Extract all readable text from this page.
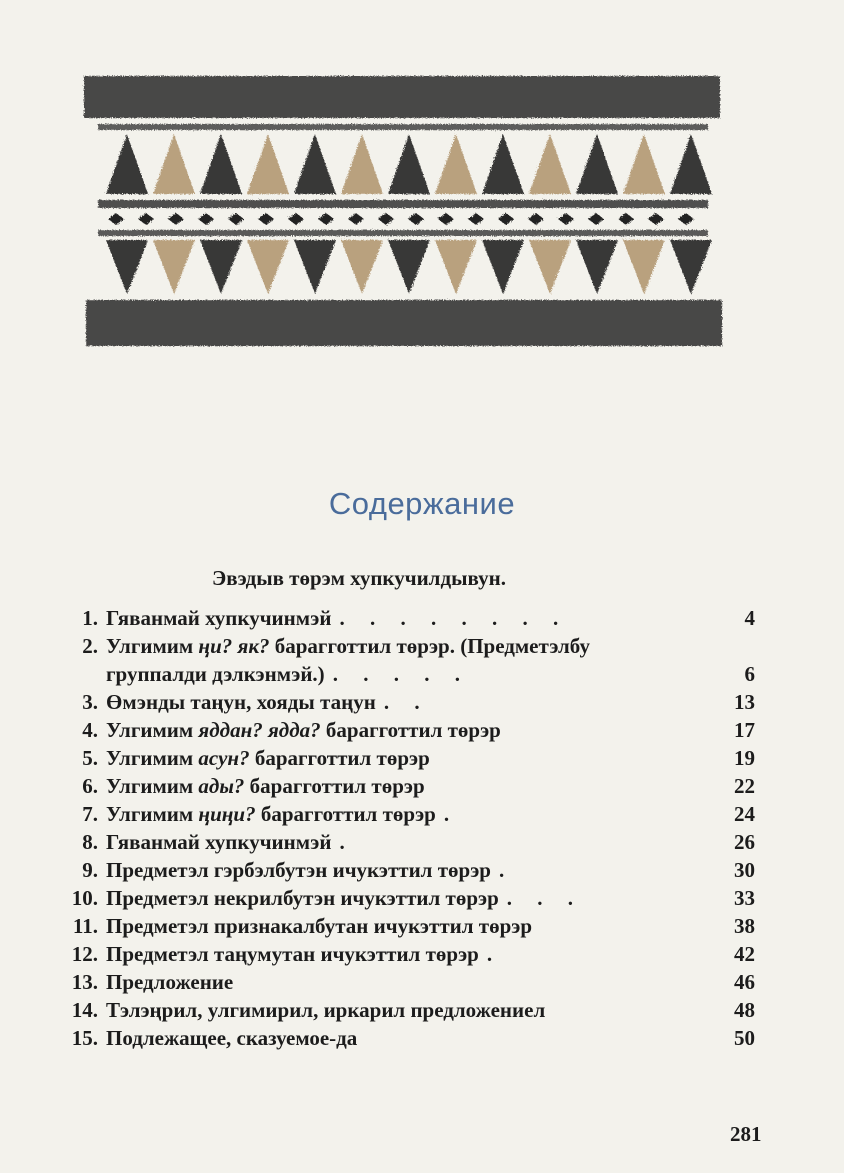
Содержание
Эвэдыв төрэм хупкучилдывун.
1. Гяванмай хупкучинмэй . . . . . . . .	4
2. Улгимим ңи? як? барагготтил төрэр. (Предметэлбу
группалди дэлкэнмэй.) . . . . .	6
3. Өмэнды таңун, хояды таңун . .	13
4. Улгимим яддан? ядда? барагготтил төрэр	17
5. Улгимим асун? барагготтил төрэр	19
6. Улгимим ады? барагготтил төрэр	22
7. Улгимим ңиңи? барагготтил төрэр .	24
8. Гяванмай хупкучинмэй .	26
9. Предметэл гэрбэлбутэн ичукэттил төрэр .	30
10. Предметэл некрилбутэн ичукэттил төрэр . . .	33
11. Предметэл признакалбутан ичукэттил төрэр	38
12. Предметэл таңумутан ичукэттил төрэр .	42
13. Предложение	46
14. Тэлэңрил, улгимирил, иркарил предложениел	48
15. Подлежащее, сказуемое-да	50
281
